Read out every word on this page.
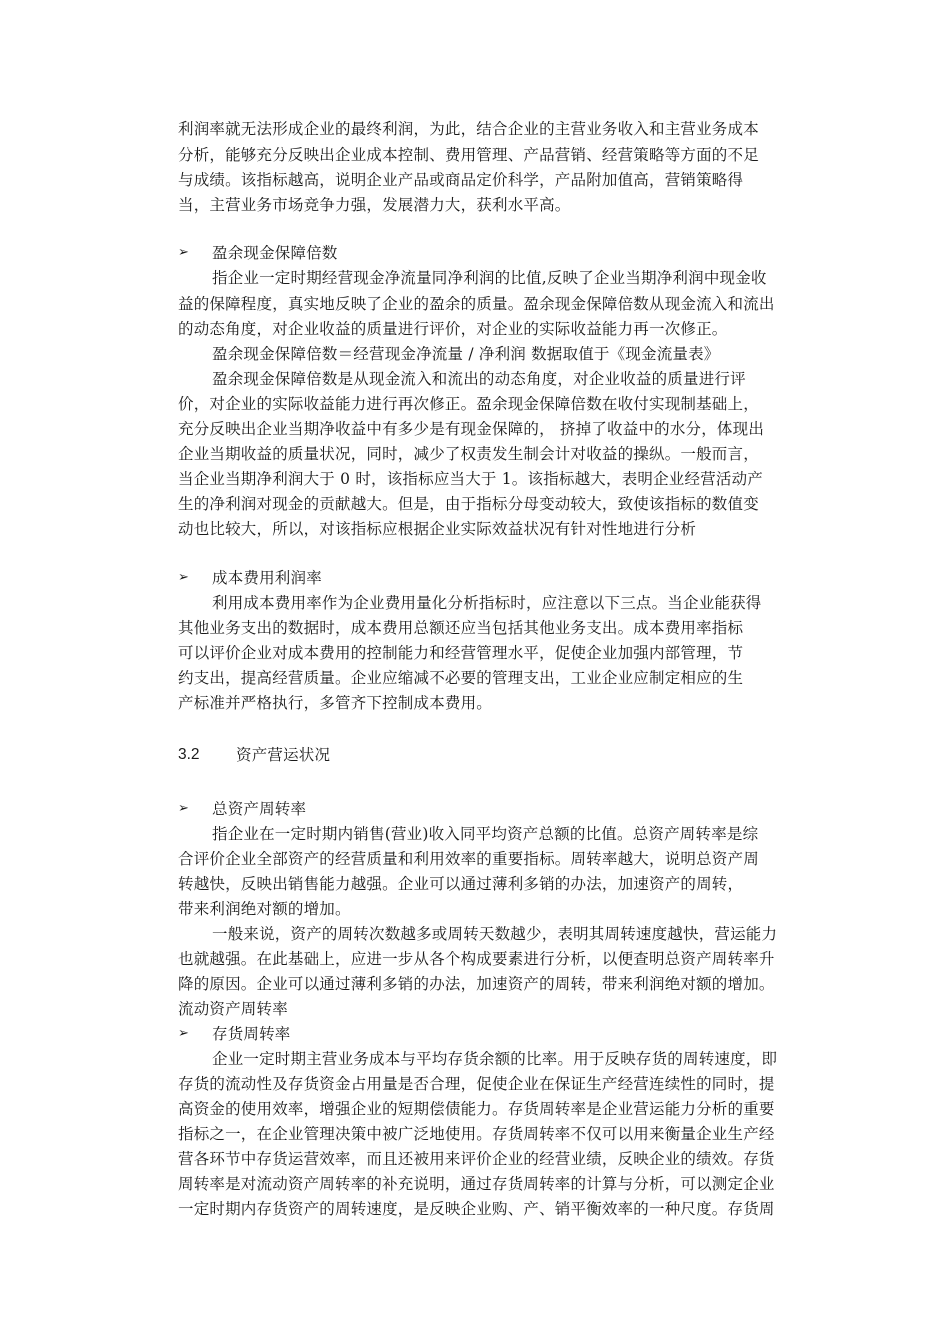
利润率就无法形成企业的最终利润，为此，结合企业的主营业务收入和主营业务成本
分析，能够充分反映出企业成本控制、费用管理、产品营销、经营策略等方面的不足
与成绩。该指标越高，说明企业产品或商品定价科学，产品附加值高，营销策略得
当，主营业务市场竞争力强，发展潜力大，获利水平高。
➢ 盈余现金保障倍数
指企业一定时期经营现金净流量同净利润的比值,反映了企业当期净利润中现金收
益的保障程度，真实地反映了企业的盈余的质量。盈余现金保障倍数从现金流入和流出
的动态角度，对企业收益的质量进行评价，对企业的实际收益能力再一次修正。
盈余现金保障倍数＝经营现金净流量 / 净利润 数据取值于《现金流量表》
盈余现金保障倍数是从现金流入和流出的动态角度，对企业收益的质量进行评
价，对企业的实际收益能力进行再次修正。盈余现金保障倍数在收付实现制基础上，
充分反映出企业当期净收益中有多少是有现金保障的， 挤掉了收益中的水分，体现出
企业当期收益的质量状况，同时，减少了权责发生制会计对收益的操纵。一般而言，
当企业当期净利润大于 0 时，该指标应当大于 1。该指标越大，表明企业经营活动产
生的净利润对现金的贡献越大。但是，由于指标分母变动较大，致使该指标的数值变
动也比较大，所以，对该指标应根据企业实际效益状况有针对性地进行分析
➢ 成本费用利润率
利用成本费用率作为企业费用量化分析指标时，应注意以下三点。当企业能获得
其他业务支出的数据时，成本费用总额还应当包括其他业务支出。成本费用率指标
可以评价企业对成本费用的控制能力和经营管理水平，促使企业加强内部管理，节
约支出，提高经营质量。企业应缩减不必要的管理支出，工业企业应制定相应的生
产标准并严格执行，多管齐下控制成本费用。
3.2 资产营运状况
➢ 总资产周转率
指企业在一定时期内销售(营业)收入同平均资产总额的比值。总资产周转率是综
合评价企业全部资产的经营质量和利用效率的重要指标。周转率越大，说明总资产周
转越快，反映出销售能力越强。企业可以通过薄利多销的办法，加速资产的周转，
带来利润绝对额的增加。
一般来说，资产的周转次数越多或周转天数越少，表明其周转速度越快，营运能力
也就越强。在此基础上，应进一步从各个构成要素进行分析，以便查明总资产周转率升
降的原因。企业可以通过薄利多销的办法，加速资产的周转，带来利润绝对额的增加。
流动资产周转率
➢ 存货周转率
企业一定时期主营业务成本与平均存货余额的比率。用于反映存货的周转速度，即
存货的流动性及存货资金占用量是否合理，促使企业在保证生产经营连续性的同时，提
高资金的使用效率，增强企业的短期偿债能力。存货周转率是企业营运能力分析的重要
指标之一，在企业管理决策中被广泛地使用。存货周转率不仅可以用来衡量企业生产经
营各环节中存货运营效率，而且还被用来评价企业的经营业绩，反映企业的绩效。存货
周转率是对流动资产周转率的补充说明，通过存货周转率的计算与分析，可以测定企业
一定时期内存货资产的周转速度，是反映企业购、产、销平衡效率的一种尺度。存货周
